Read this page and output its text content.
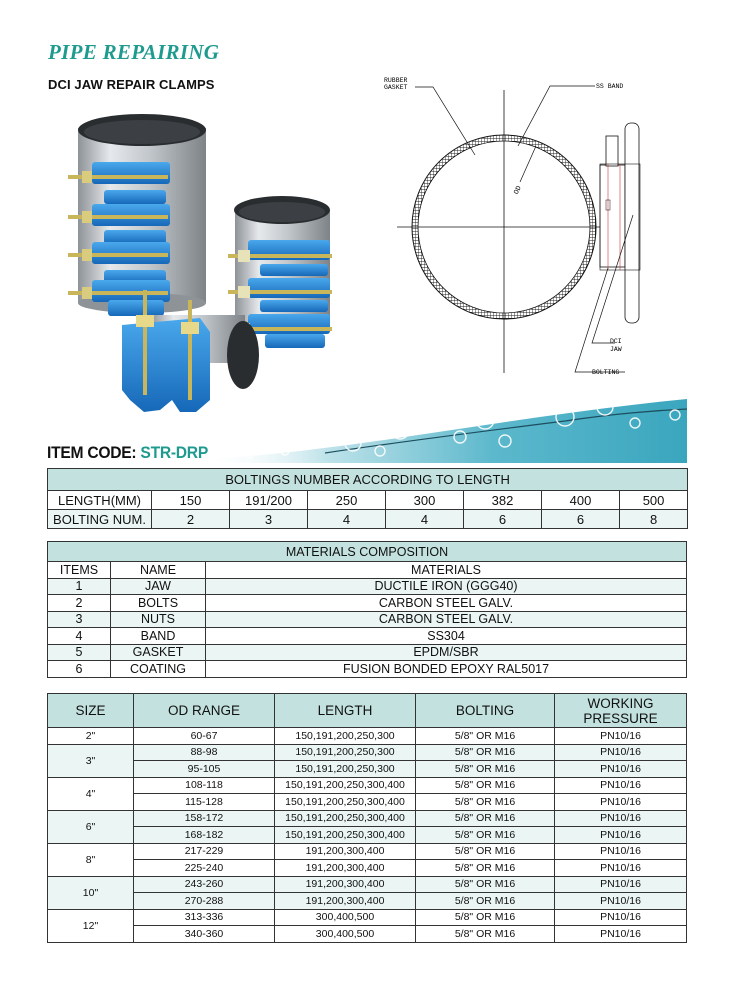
PIPE REPAIRING
DCI JAW REPAIR CLAMPS
OD
RUBBER
GASKET	SS BAND
DCI
JAW
BOLTING
ITEM CODE: STR-DRP
BOLTINGS NUMBER ACCORDING TO LENGTH							
LENGTH(MM)	150	191/200	250	300	382	400	500
BOLTING NUM.	2	3	4	4	6	6	8
MATERIALS COMPOSITION		
ITEMS	NAME	MATERIALS
1	JAW	DUCTILE IRON (GGG40)
2	BOLTS	CARBON STEEL GALV.
3	NUTS	CARBON STEEL GALV.
4	BAND	SS304
5	GASKET	EPDM/SBR
6	COATING	FUSION BONDED EPOXY RAL5017
SIZE	OD RANGE	LENGTH	BOLTING	WORKING
PRESSURE
2"	60-67	150,191,200,250,300	5/8" OR M16	PN10/16
3"	88-98	150,191,200,250,300	5/8" OR M16	PN10/16
	95-105	150,191,200,250,300	5/8" OR M16	PN10/16
4"	108-118	150,191,200,250,300,400	5/8" OR M16	PN10/16
	115-128	150,191,200,250,300,400	5/8" OR M16	PN10/16
6"	158-172	150,191,200,250,300,400	5/8" OR M16	PN10/16
	168-182	150,191,200,250,300,400	5/8" OR M16	PN10/16
8"	217-229	191,200,300,400	5/8" OR M16	PN10/16
	225-240	191,200,300,400	5/8" OR M16	PN10/16
10"	243-260	191,200,300,400	5/8" OR M16	PN10/16
	270-288	191,200,300,400	5/8" OR M16	PN10/16
12"	313-336	300,400,500	5/8" OR M16	PN10/16
	340-360	300,400,500	5/8" OR M16	PN10/16
